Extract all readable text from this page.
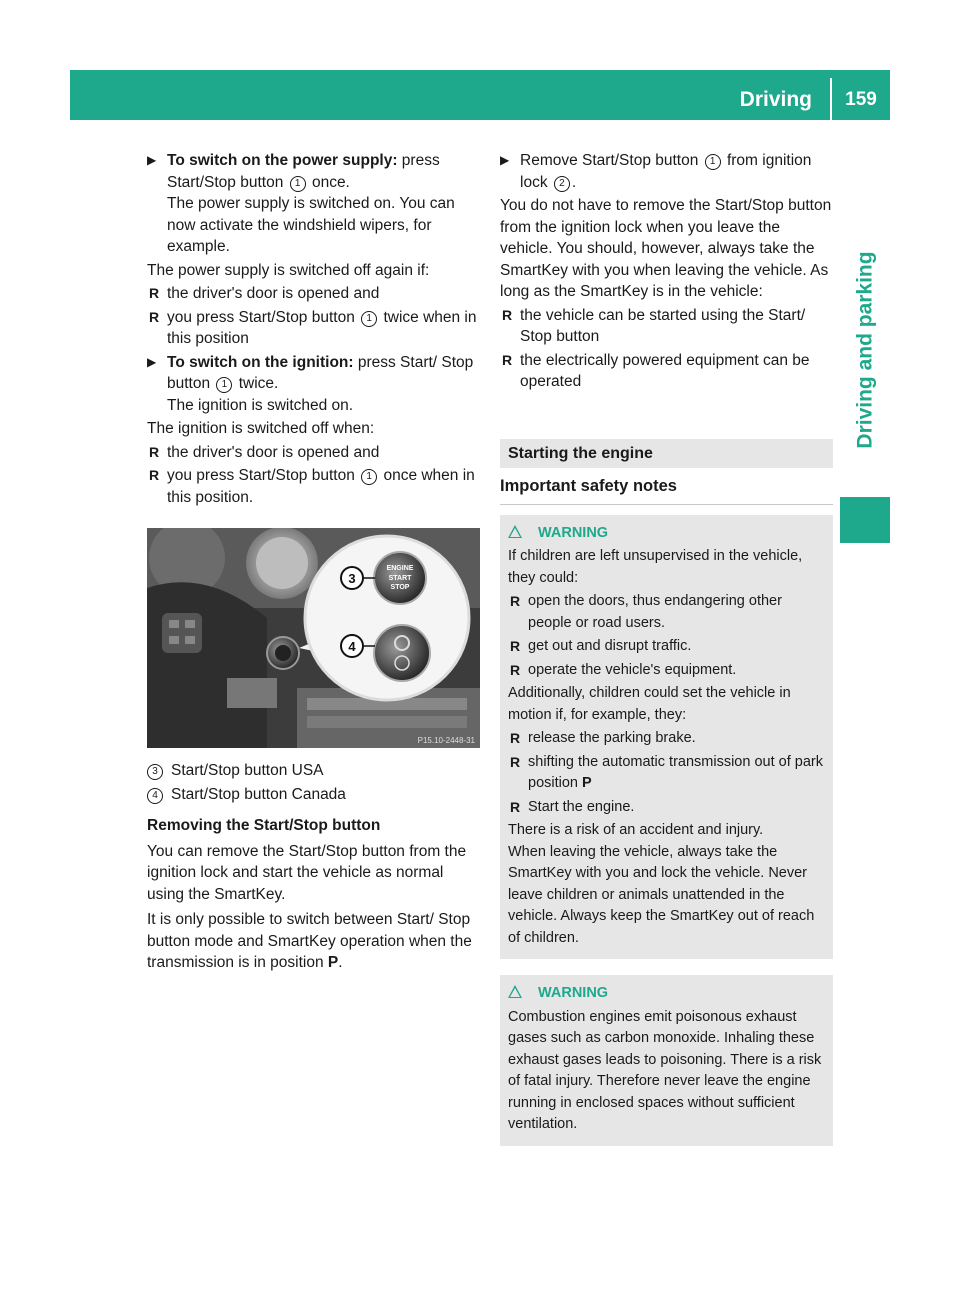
Driving	159
Driving and parking
▶ To switch on the power supply: press Start/Stop button 1 once.

The power supply is switched on. You can now activate the windshield wipers, for example.

The power supply is switched off again if:

R the driver's door is opened and
R you press Start/Stop button 1 twice when in this position
▶ To switch on the ignition: press Start/ Stop button 1 twice.

The ignition is switched on.

The ignition is switched off when:

R the driver's door is opened and
R you press Start/Stop button 1 once when in this position.
ENGINE
START
STOP
3
4
P15.10-2448-31

3 Start/Stop button USA

4 Start/Stop button Canada

Removing the Start/Stop button

You can remove the Start/Stop button from the ignition lock and start the vehicle as normal using the SmartKey.

It is only possible to switch between Start/ Stop button mode and SmartKey operation when the transmission is in position P.

▶ Remove Start/Stop button 1 from ignition lock 2 .

You do not have to remove the Start/Stop button from the ignition lock when you leave the vehicle. You should, however, always take the SmartKey with you when leaving the vehicle. As long as the SmartKey is in the vehicle:

R the vehicle can be started using the Start/ Stop button
R the electrically powered equipment can be operated
Starting the engine
Important safety notes
WARNING

If children are left unsupervised in the vehicle, they could:

R open the doors, thus endangering other people or road users.
R get out and disrupt traffic.
R operate the vehicle's equipment.

Additionally, children could set the vehicle in motion if, for example, they:

R release the parking brake.
R shifting the automatic transmission out of park position P
R Start the engine.

There is a risk of an accident and injury.

When leaving the vehicle, always take the SmartKey with you and lock the vehicle. Never leave children or animals unattended in the vehicle. Always keep the SmartKey out of reach of children.

WARNING

Combustion engines emit poisonous exhaust gases such as carbon monoxide. Inhaling these exhaust gases leads to poisoning. There is a risk of fatal injury. Therefore never leave the engine running in enclosed spaces without sufficient ventilation.
